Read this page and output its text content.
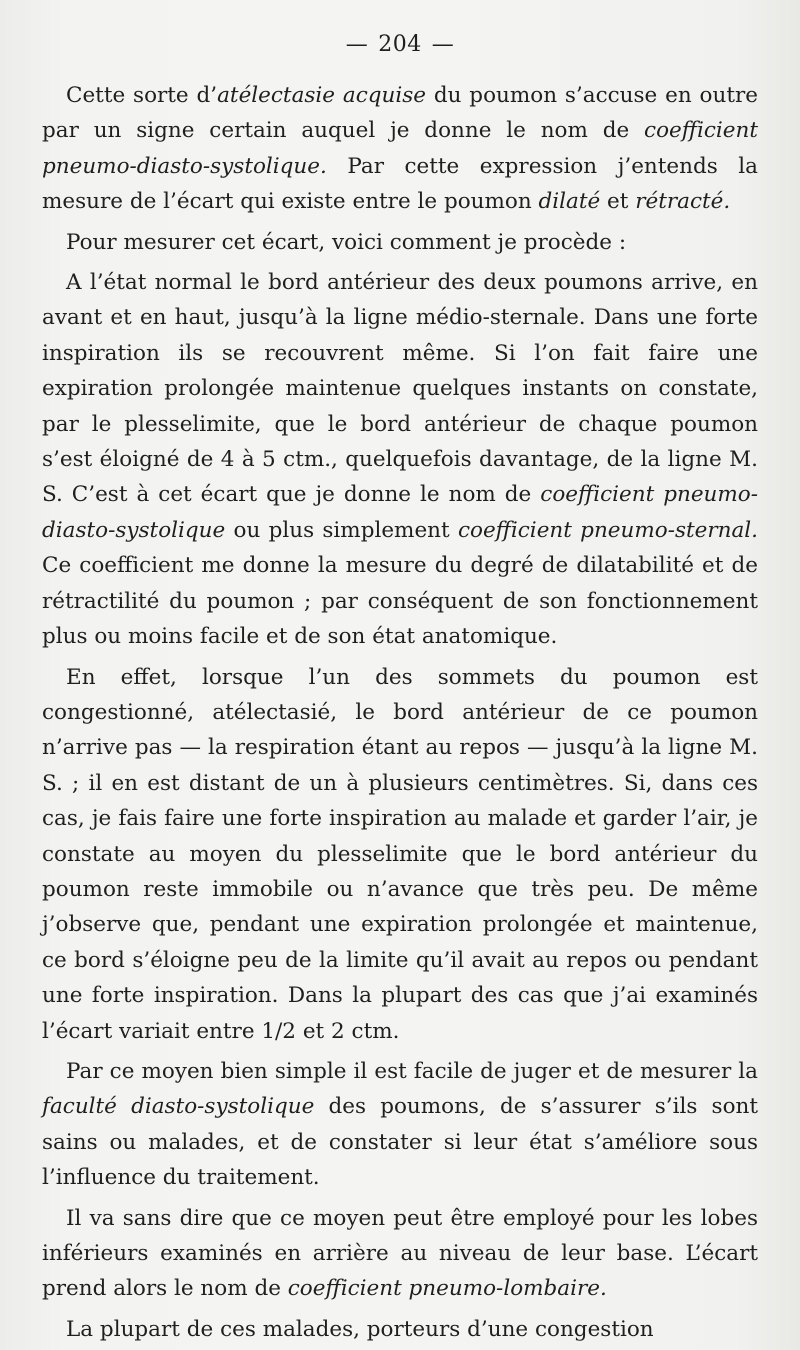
— 204 —

Cette sorte d’atélectasie acquise du poumon s’accuse en outre par un signe certain auquel je donne le nom de coefficient pneumo-diasto-systolique. Par cette expression j’entends la mesure de l’écart qui existe entre le poumon dilaté et rétracté.

Pour mesurer cet écart, voici comment je procède :

A l’état normal le bord antérieur des deux poumons arrive, en avant et en haut, jusqu’à la ligne médio-sternale. Dans une forte inspiration ils se recouvrent même. Si l’on fait faire une expiration prolongée maintenue quelques instants on constate, par le plesselimite, que le bord antérieur de chaque poumon s’est éloigné de 4 à 5 ctm., quelquefois davantage, de la ligne M. S. C’est à cet écart que je donne le nom de coefficient pneumo-diasto-systolique ou plus simplement coefficient pneumo-sternal. Ce coefficient me donne la mesure du degré de dilatabilité et de rétractilité du poumon ; par conséquent de son fonctionnement plus ou moins facile et de son état anatomique.

En effet, lorsque l’un des sommets du poumon est congestionné, atélectasié, le bord antérieur de ce poumon n’arrive pas — la respiration étant au repos — jusqu’à la ligne M. S. ; il en est distant de un à plusieurs centimètres. Si, dans ces cas, je fais faire une forte inspiration au malade et garder l’air, je constate au moyen du plesselimite que le bord antérieur du poumon reste immobile ou n’avance que très peu. De même j’observe que, pendant une expiration prolongée et maintenue, ce bord s’éloigne peu de la limite qu’il avait au repos ou pendant une forte inspiration. Dans la plupart des cas que j’ai examinés l’écart variait entre 1/2 et 2 ctm.

Par ce moyen bien simple il est facile de juger et de mesurer la faculté diasto-systolique des poumons, de s’assurer s’ils sont sains ou malades, et de constater si leur état s’améliore sous l’influence du traitement.

Il va sans dire que ce moyen peut être employé pour les lobes inférieurs examinés en arrière au niveau de leur base. L’écart prend alors le nom de coefficient pneumo-lombaire.

La plupart de ces malades, porteurs d’une congestion
